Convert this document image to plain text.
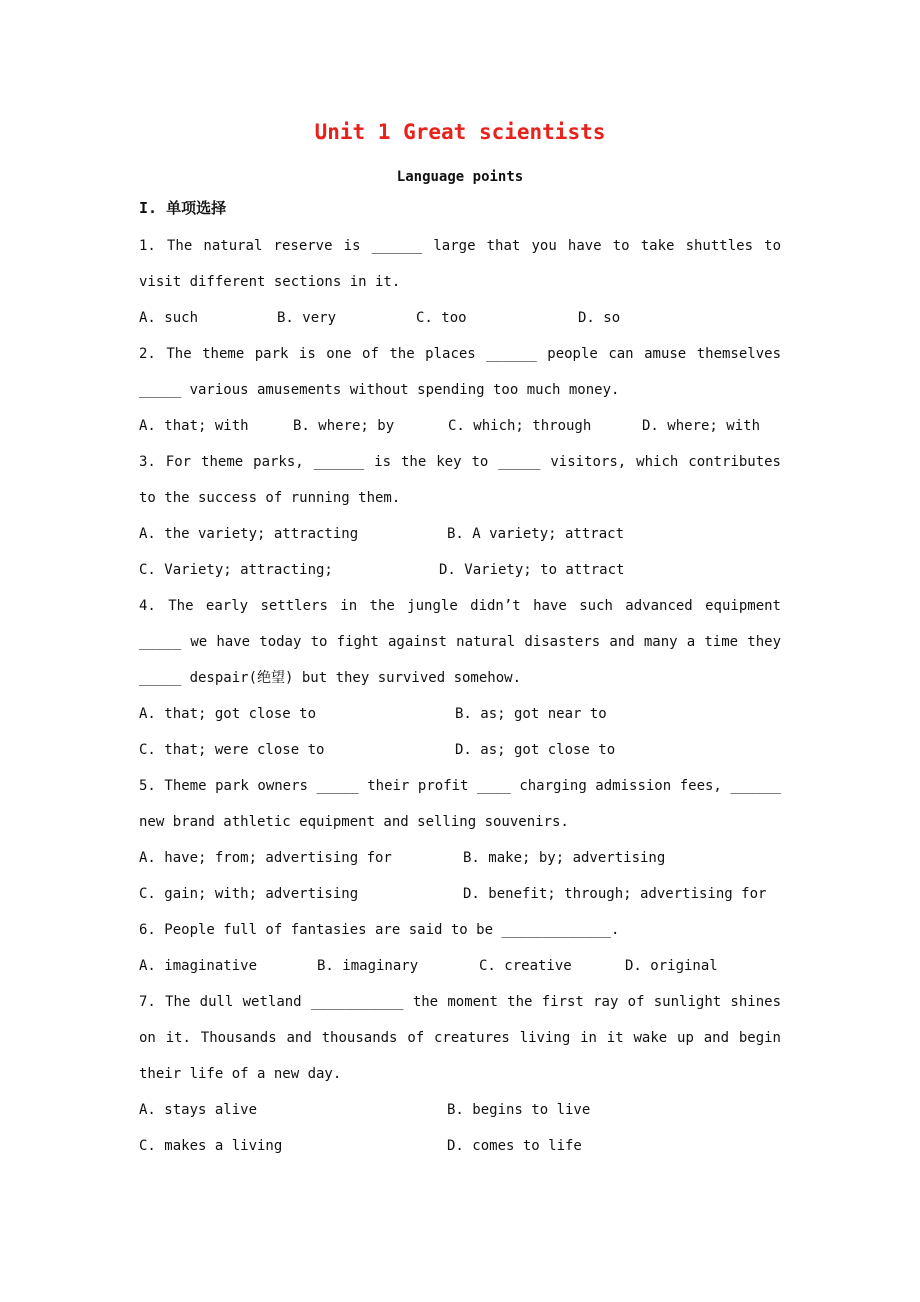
Unit 1 Great scientists
Language points
I. 单项选择

1. The natural reserve is ______ large that you have to take shuttles to visit different sections in it.

A. such	B. very	C. too	D. so

2. The theme park is one of the places ______ people can amuse themselves _____ various amusements without spending too much money.

A. that; with	B. where; by	C. which; through	D. where; with

3. For theme parks, ______ is the key to _____ visitors, which contributes to the success of running them.

A. the variety; attracting	B. A variety; attract
C. Variety; attracting;	D. Variety; to attract

4. The early settlers in the jungle didn’t have such advanced equipment _____ we have today to fight against natural disasters and many a time they _____ despair(绝望) but they survived somehow.

A. that; got close to	B. as; got near to
C. that; were close to	D. as; got close to

5. Theme park owners _____ their profit ____ charging admission fees, ______ new brand athletic equipment and selling souvenirs.

A. have; from; advertising for	B. make; by; advertising
C. gain; with; advertising	D. benefit; through; advertising for

6. People full of fantasies are said to be _____________.

A. imaginative	B. imaginary	C. creative	D. original

7. The dull wetland ___________ the moment the first ray of sunlight shines on it. Thousands and thousands of creatures living in it wake up and begin their life of a new day.

A. stays alive	B. begins to live
C. makes a living	D. comes to life
